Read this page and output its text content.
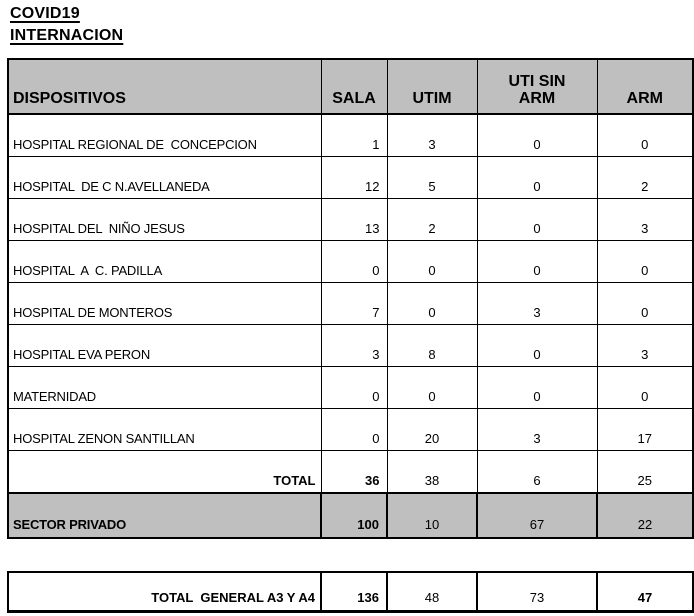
COVID19
INTERNACION
DISPOSITIVOS	SALA	UTIM	UTI SIN ARM	ARM
HOSPITAL REGIONAL DE  CONCEPCION	1	3	0	0
HOSPITAL  DE C N.AVELLANEDA	12	5	0	2
HOSPITAL DEL  NIÑO JESUS	13	2	0	3
HOSPITAL  A  C. PADILLA	0	0	0	0
HOSPITAL DE MONTEROS	7	0	3	0
HOSPITAL EVA PERON	3	8	0	3
MATERNIDAD	0	0	0	0
HOSPITAL ZENON SANTILLAN	0	20	3	17
TOTAL	36	38	6	25
SECTOR PRIVADO	100	10	67	22
TOTAL  GENERAL A3 Y A4	136	48	73	47
